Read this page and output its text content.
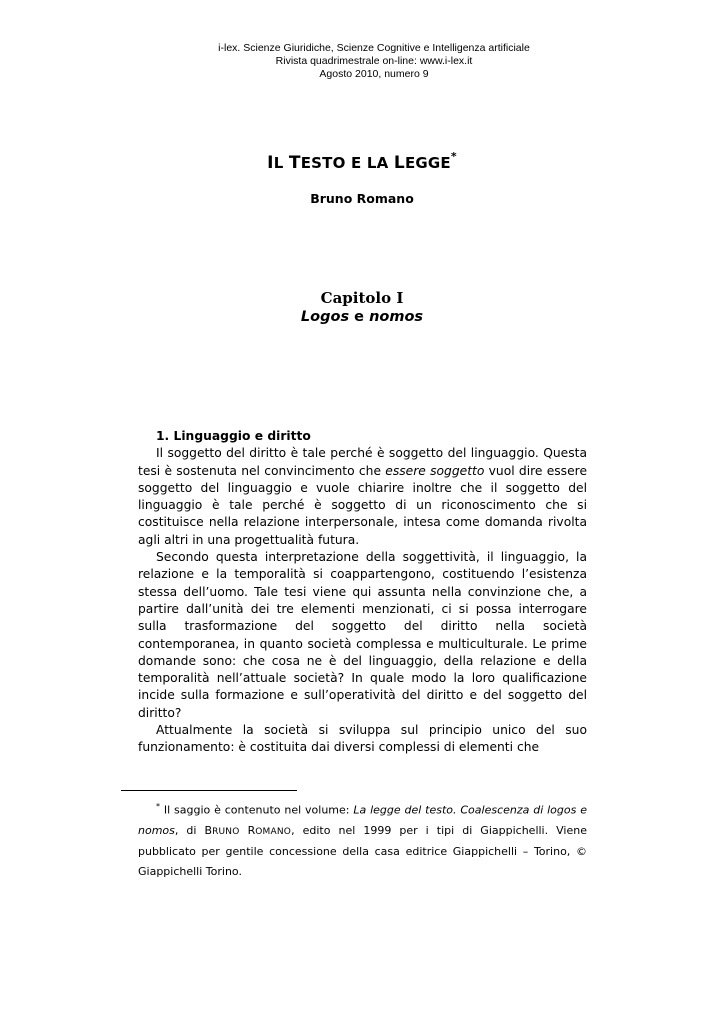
i-lex. Scienze Giuridiche, Scienze Cognitive e Intelligenza artificiale
Rivista quadrimestrale on-line: www.i-lex.it
Agosto 2010, numero 9
IL TESTO E LA LEGGE*
Bruno Romano
Capitolo I
Logos e nomos
1. Linguaggio e diritto

Il soggetto del diritto è tale perché è soggetto del linguaggio. Questa tesi è sostenuta nel convincimento che essere soggetto vuol dire essere soggetto del linguaggio e vuole chiarire inoltre che il soggetto del linguaggio è tale perché è soggetto di un riconoscimento che si costituisce nella relazione interpersonale, intesa come domanda rivolta agli altri in una progettualità futura.

Secondo questa interpretazione della soggettività, il linguaggio, la relazione e la temporalità si coappartengono, costituendo l’esistenza stessa dell’uomo. Tale tesi viene qui assunta nella convinzione che, a partire dall’unità dei tre elementi menzionati, ci si possa interrogare sulla trasformazione del soggetto del diritto nella società contemporanea, in quanto società complessa e multiculturale. Le prime domande sono: che cosa ne è del linguaggio, della relazione e della temporalità nell’attuale società? In quale modo la loro qualificazione incide sulla formazione e sull’operatività del diritto e del soggetto del diritto?

Attualmente la società si sviluppa sul principio unico del suo funzionamento: è costituita dai diversi complessi di elementi che

* Il saggio è contenuto nel volume: La legge del testo. Coalescenza di logos e nomos, di BRUNO ROMANO, edito nel 1999 per i tipi di Giappichelli. Viene pubblicato per gentile concessione della casa editrice Giappichelli – Torino, © Giappichelli Torino.
